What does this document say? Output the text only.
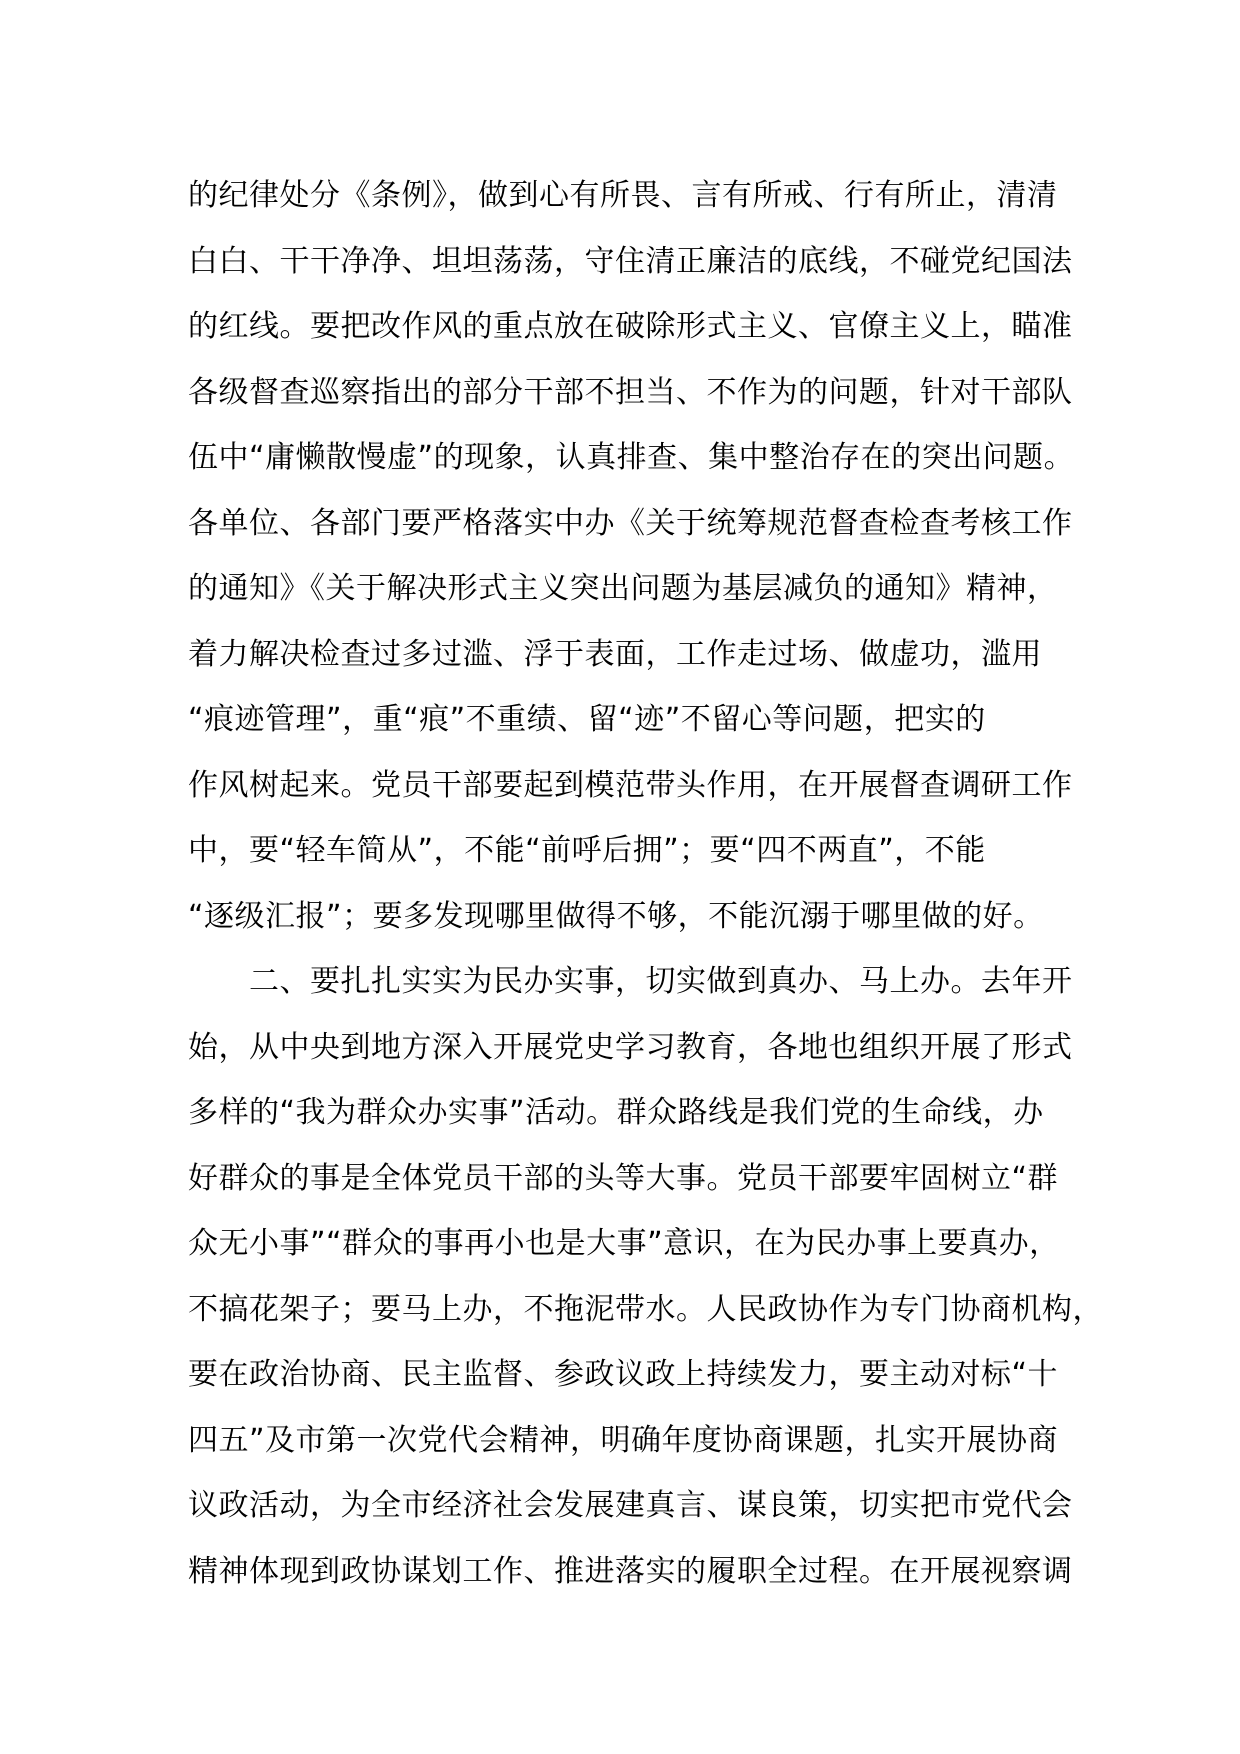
的纪律处分《条例》，做到心有所畏、言有所戒、行有所止，清清
白白、干干净净、坦坦荡荡，守住清正廉洁的底线，不碰党纪国法
的红线。要把改作风的重点放在破除形式主义、官僚主义上，瞄准
各级督查巡察指出的部分干部不担当、不作为的问题，针对干部队
伍中“庸懒散慢虚”的现象，认真排查、集中整治存在的突出问题。
各单位、各部门要严格落实中办《关于统筹规范督查检查考核工作
的通知》《关于解决形式主义突出问题为基层减负的通知》精神，
着力解决检查过多过滥、浮于表面，工作走过场、做虚功，滥用
“痕迹管理”，重“痕”不重绩、留“迹”不留心等问题，把实的
作风树起来。党员干部要起到模范带头作用，在开展督查调研工作
中，要“轻车简从”，不能“前呼后拥”；要“四不两直”，不能
“逐级汇报”；要多发现哪里做得不够，不能沉溺于哪里做的好。
　　二、要扎扎实实为民办实事，切实做到真办、马上办。去年开
始，从中央到地方深入开展党史学习教育，各地也组织开展了形式
多样的“我为群众办实事”活动。群众路线是我们党的生命线，办
好群众的事是全体党员干部的头等大事。党员干部要牢固树立“群
众无小事”“群众的事再小也是大事”意识，在为民办事上要真办，
不搞花架子；要马上办，不拖泥带水。人民政协作为专门协商机构，
要在政治协商、民主监督、参政议政上持续发力，要主动对标“十
四五”及市第一次党代会精神，明确年度协商课题，扎实开展协商
议政活动，为全市经济社会发展建真言、谋良策，切实把市党代会
精神体现到政协谋划工作、推进落实的履职全过程。在开展视察调
